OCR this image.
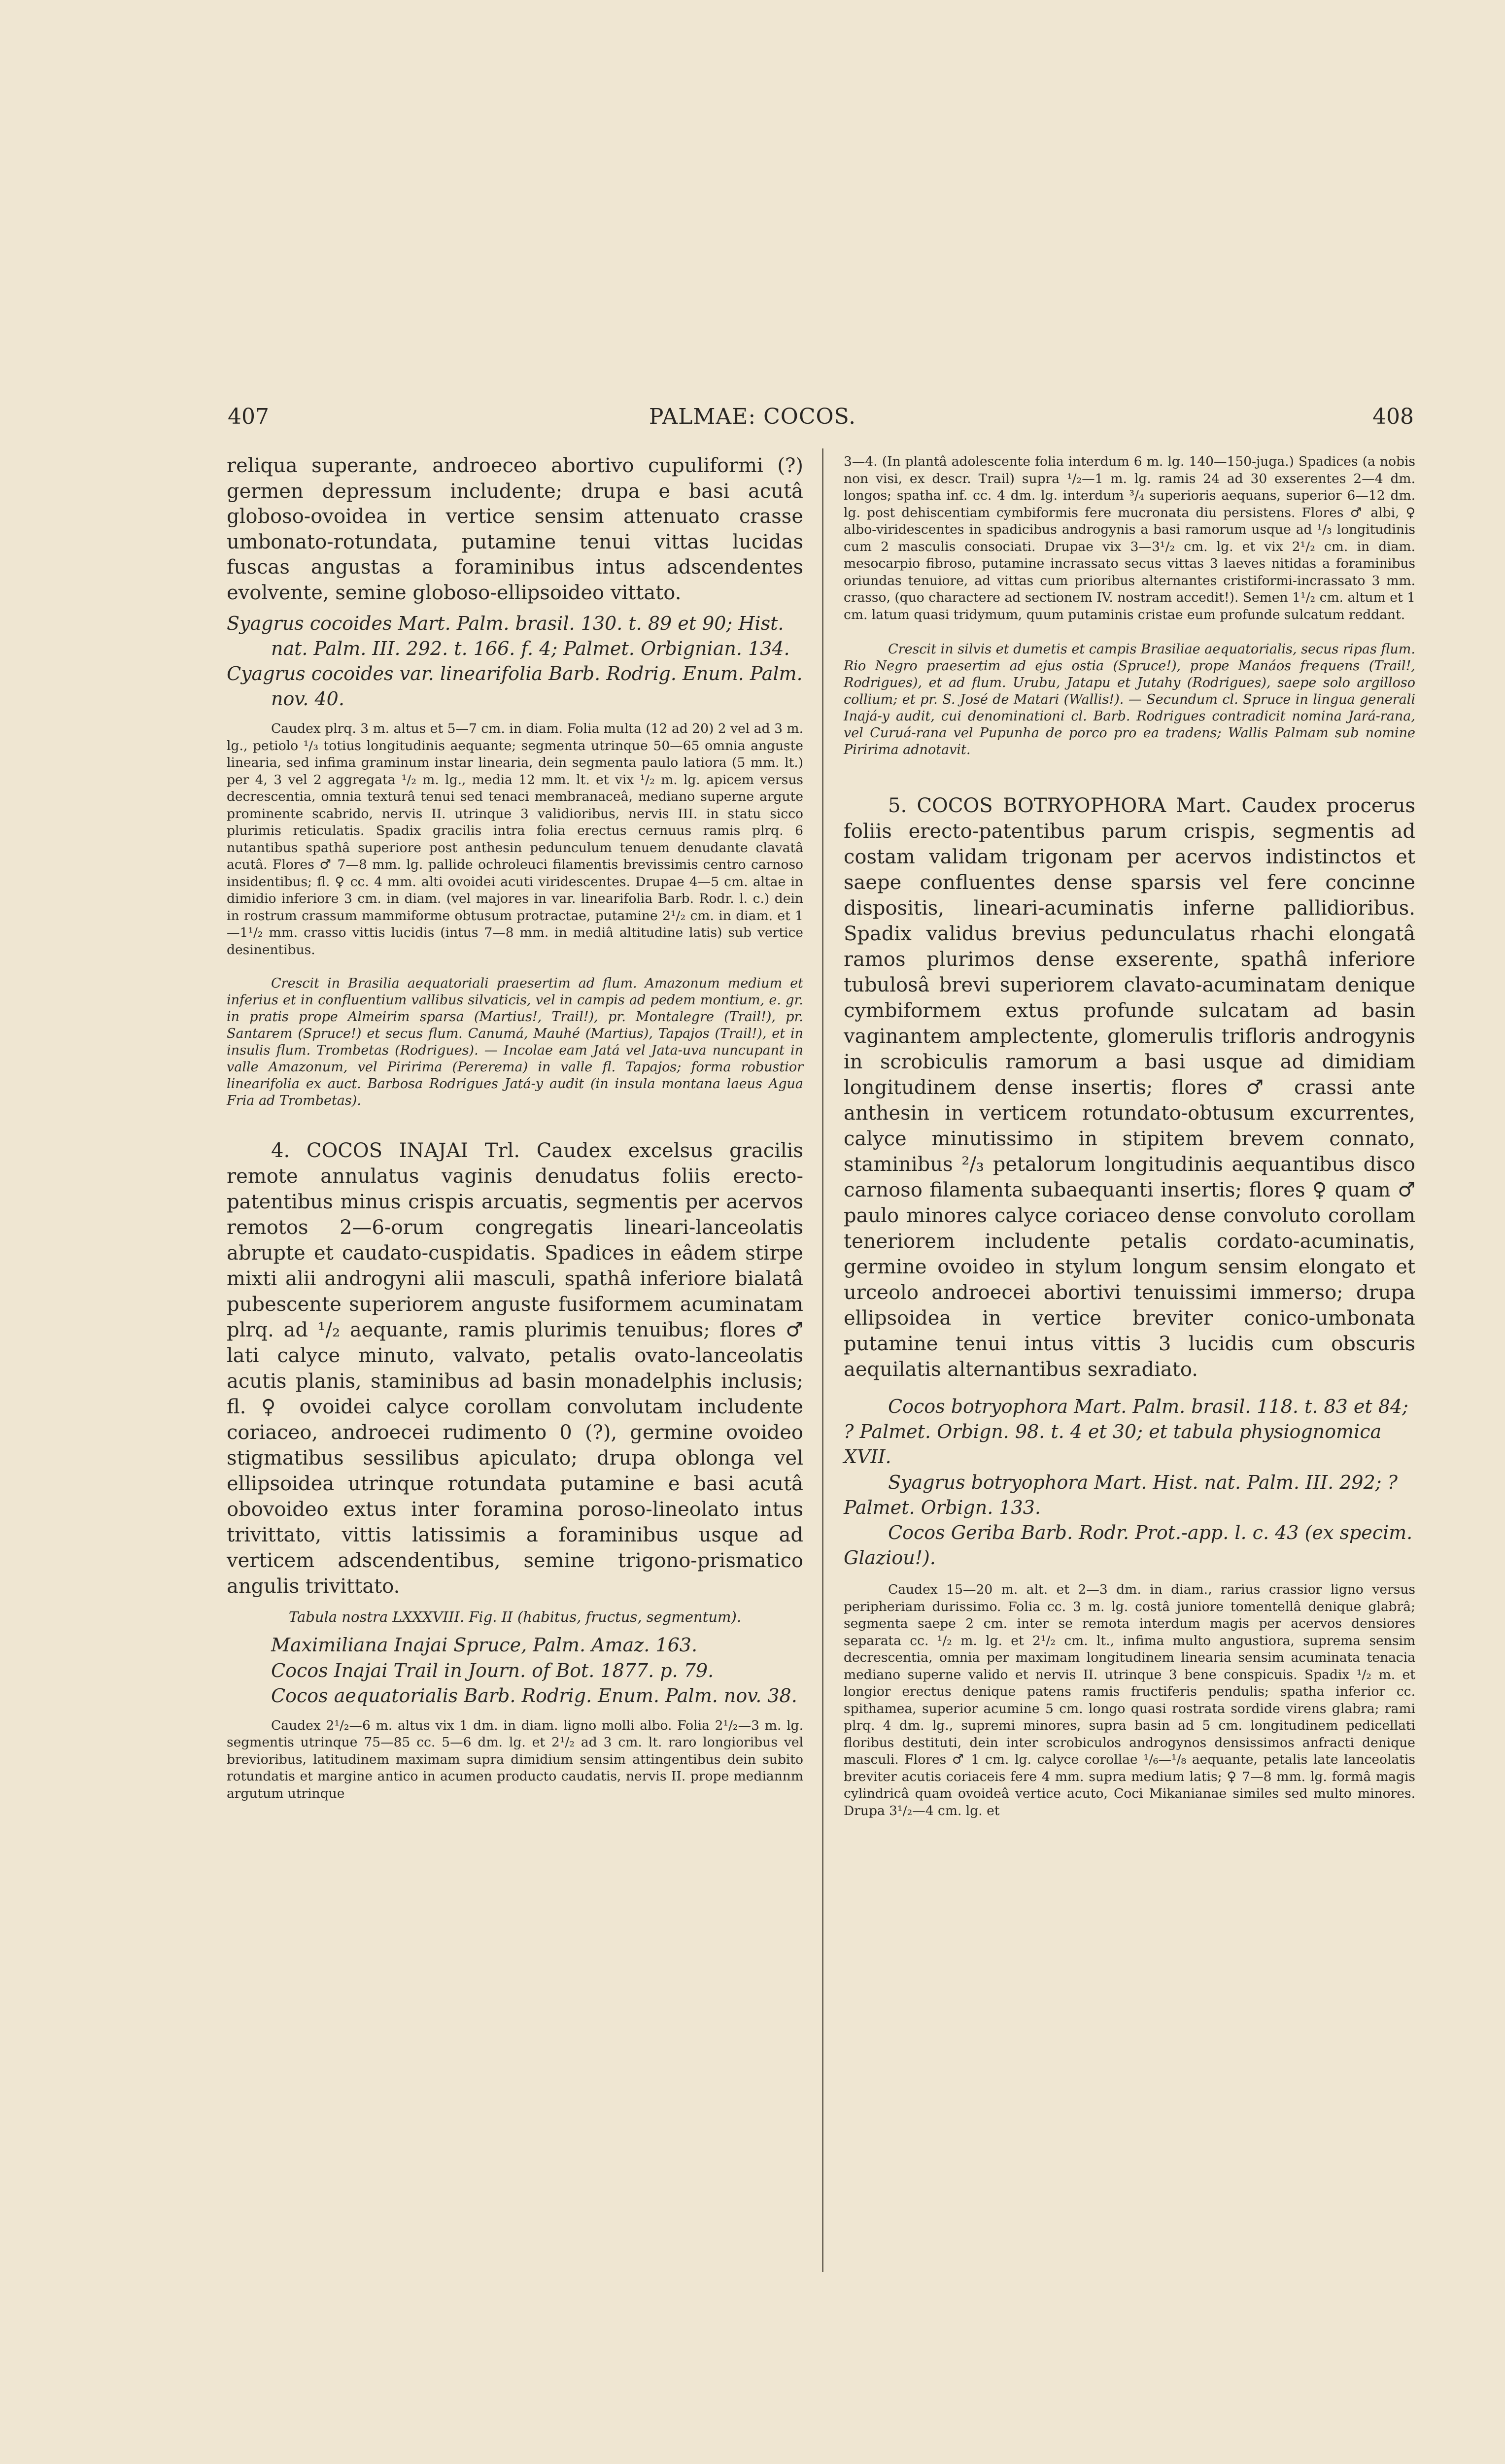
407	PALMAE: COCOS.	408

reliqua superante, androeceo abortivo cupuliformi (?) germen depressum includente; drupa e basi acutâ globoso-ovoidea in vertice sensim attenuato crasse umbonato-rotundata, putamine tenui vittas lucidas fuscas angustas a foraminibus intus adscendentes evolvente, semine globoso-ellipsoideo vittato.

Syagrus cocoides Mart. Palm. brasil. 130. t. 89 et 90; Hist. nat. Palm. III. 292. t. 166. f. 4; Palmet. Orbignian. 134.

Cyagrus cocoides var. linearifolia Barb. Rodrig. Enum. Palm. nov. 40.

Caudex plrq. 3 m. altus et 5—7 cm. in diam. Folia multa (12 ad 20) 2 vel ad 3 m. lg., petiolo ¹/₃ totius longitudinis aequante; segmenta utrinque 50—65 omnia anguste linearia, sed infima graminum instar linearia, dein segmenta paulo latiora (5 mm. lt.) per 4, 3 vel 2 aggregata ¹/₂ m. lg., media 12 mm. lt. et vix ¹/₂ m. lg. apicem versus decrescentia, omnia texturâ tenui sed tenaci membranaceâ, mediano superne argute prominente scabrido, nervis II. utrinque 3 validioribus, nervis III. in statu sicco plurimis reticulatis. Spadix gracilis intra folia erectus cernuus ramis plrq. 6 nutantibus spathâ superiore post anthesin pedunculum tenuem denudante clavatâ acutâ. Flores ♂ 7—8 mm. lg. pallide ochroleuci filamentis brevissimis centro carnoso insidentibus; fl. ♀ cc. 4 mm. alti ovoidei acuti viridescentes. Drupae 4—5 cm. altae in dimidio inferiore 3 cm. in diam. (vel majores in var. linearifolia Barb. Rodr. l. c.) dein in rostrum crassum mammiforme obtusum protractae, putamine 2¹/₂ cm. in diam. et 1—1¹/₂ mm. crasso vittis lucidis (intus 7—8 mm. in mediâ altitudine latis) sub vertice desinentibus.

Crescit in Brasilia aequatoriali praesertim ad flum. Amazonum medium et inferius et in confluentium vallibus silvaticis, vel in campis ad pedem montium, e. gr. in pratis prope Almeirim sparsa (Martius!, Trail!), pr. Montalegre (Trail!), pr. Santarem (Spruce!) et secus flum. Canumá, Mauhé (Martius), Tapajos (Trail!), et in insulis flum. Trombetas (Rodrigues). — Incolae eam Jatá vel Jata-uva nuncupant in valle Amazonum, vel Piririma (Pererema) in valle fl. Tapajos; forma robustior linearifolia ex auct. Barbosa Rodrigues Jatá-y audit (in insula montana laeus Agua Fria ad Trombetas).

4. COCOS INAJAI Trl. Caudex excelsus gracilis remote annulatus vaginis denudatus foliis erecto-patentibus minus crispis arcuatis, segmentis per acervos remotos 2—6-orum congregatis lineari-lanceolatis abrupte et caudato-cuspidatis. Spadices in eâdem stirpe mixti alii androgyni alii masculi, spathâ inferiore bialatâ pubescente superiorem anguste fusiformem acuminatam plrq. ad ¹/₂ aequante, ramis plurimis tenuibus; flores ♂ lati calyce minuto, valvato, petalis ovato-lanceolatis acutis planis, staminibus ad basin monadelphis inclusis; fl. ♀ ovoidei calyce corollam convolutam includente coriaceo, androecei rudimento 0 (?), germine ovoideo stigmatibus sessilibus apiculato; drupa oblonga vel ellipsoidea utrinque rotundata putamine e basi acutâ obovoideo extus inter foramina poroso-lineolato intus trivittato, vittis latissimis a foraminibus usque ad verticem adscendentibus, semine trigono-prismatico angulis trivittato.

Tabula nostra LXXXVIII. Fig. II (habitus, fructus, segmentum).

Maximiliana Inajai Spruce, Palm. Amaz. 163.

Cocos Inajai Trail in Journ. of Bot. 1877. p. 79.

Cocos aequatorialis Barb. Rodrig. Enum. Palm. nov. 38.

Caudex 2¹/₂—6 m. altus vix 1 dm. in diam. ligno molli albo. Folia 2¹/₂—3 m. lg. segmentis utrinque 75—85 cc. 5—6 dm. lg. et 2¹/₂ ad 3 cm. lt. raro longioribus vel brevioribus, latitudinem maximam supra dimidium sensim attingentibus dein subito rotundatis et margine antico in acumen producto caudatis, nervis II. prope mediannm argutum utrinque

3—4. (In plantâ adolescente folia interdum 6 m. lg. 140—150-juga.) Spadices (a nobis non visi, ex descr. Trail) supra ¹/₂—1 m. lg. ramis 24 ad 30 exserentes 2—4 dm. longos; spatha inf. cc. 4 dm. lg. interdum ³/₄ superioris aequans, superior 6—12 dm. lg. post dehiscentiam cymbiformis fere mucronata diu persistens. Flores ♂ albi, ♀ albo-viridescentes in spadicibus androgynis a basi ramorum usque ad ¹/₃ longitudinis cum 2 masculis consociati. Drupae vix 3—3¹/₂ cm. lg. et vix 2¹/₂ cm. in diam. mesocarpio fibroso, putamine incrassato secus vittas 3 laeves nitidas a foraminibus oriundas tenuiore, ad vittas cum prioribus alternantes cristiformi-incrassato 3 mm. crasso, (quo charactere ad sectionem IV. nostram accedit!). Semen 1¹/₂ cm. altum et 1 cm. latum quasi tridymum, quum putaminis cristae eum profunde sulcatum reddant.

Crescit in silvis et dumetis et campis Brasiliae aequatorialis, secus ripas flum. Rio Negro praesertim ad ejus ostia (Spruce!), prope Manáos frequens (Trail!, Rodrigues), et ad flum. Urubu, Jatapu et Jutahy (Rodrigues), saepe solo argilloso collium; et pr. S. José de Matari (Wallis!). — Secundum cl. Spruce in lingua generali Inajá-y audit, cui denominationi cl. Barb. Rodrigues contradicit nomina Jará-rana, vel Curuá-rana vel Pupunha de porco pro ea tradens; Wallis Palmam sub nomine Piririma adnotavit.

5. COCOS BOTRYOPHORA Mart. Caudex procerus foliis erecto-patentibus parum crispis, segmentis ad costam validam trigonam per acervos indistinctos et saepe confluentes dense sparsis vel fere concinne dispositis, lineari-acuminatis inferne pallidioribus. Spadix validus brevius pedunculatus rhachi elongatâ ramos plurimos dense exserente, spathâ inferiore tubulosâ brevi superiorem clavato-acuminatam denique cymbiformem extus profunde sulcatam ad basin vaginantem amplectente, glomerulis trifloris androgynis in scrobiculis ramorum a basi usque ad dimidiam longitudinem dense insertis; flores ♂ crassi ante anthesin in verticem rotundato-obtusum excurrentes, calyce minutissimo in stipitem brevem connato, staminibus ²/₃ petalorum longitudinis aequantibus disco carnoso filamenta subaequanti insertis; flores ♀ quam ♂ paulo minores calyce coriaceo dense convoluto corollam teneriorem includente petalis cordato-acuminatis, germine ovoideo in stylum longum sensim elongato et urceolo androecei abortivi tenuissimi immerso; drupa ellipsoidea in vertice breviter conico-umbonata putamine tenui intus vittis 3 lucidis cum obscuris aequilatis alternantibus sexradiato.

Cocos botryophora Mart. Palm. brasil. 118. t. 83 et 84; ? Palmet. Orbign. 98. t. 4 et 30; et tabula physiognomica XVII.

Syagrus botryophora Mart. Hist. nat. Palm. III. 292; ? Palmet. Orbign. 133.

Cocos Geriba Barb. Rodr. Prot.-app. l. c. 43 (ex specim. Glaziou!).

Caudex 15—20 m. alt. et 2—3 dm. in diam., rarius crassior ligno versus peripheriam durissimo. Folia cc. 3 m. lg. costâ juniore tomentellâ denique glabrâ; segmenta saepe 2 cm. inter se remota interdum magis per acervos densiores separata cc. ¹/₂ m. lg. et 2¹/₂ cm. lt., infima multo angustiora, suprema sensim decrescentia, omnia per maximam longitudinem linearia sensim acuminata tenacia mediano superne valido et nervis II. utrinque 3 bene conspicuis. Spadix ¹/₂ m. et longior erectus denique patens ramis fructiferis pendulis; spatha inferior cc. spithamea, superior acumine 5 cm. longo quasi rostrata sordide virens glabra; rami plrq. 4 dm. lg., supremi minores, supra basin ad 5 cm. longitudinem pedicellati floribus destituti, dein inter scrobiculos androgynos densissimos anfracti denique masculi. Flores ♂ 1 cm. lg. calyce corollae ¹/₆—¹/₈ aequante, petalis late lanceolatis breviter acutis coriaceis fere 4 mm. supra medium latis; ♀ 7—8 mm. lg. formâ magis cylindricâ quam ovoideâ vertice acuto, Coci Mikanianae similes sed multo minores. Drupa 3¹/₂—4 cm. lg. et
